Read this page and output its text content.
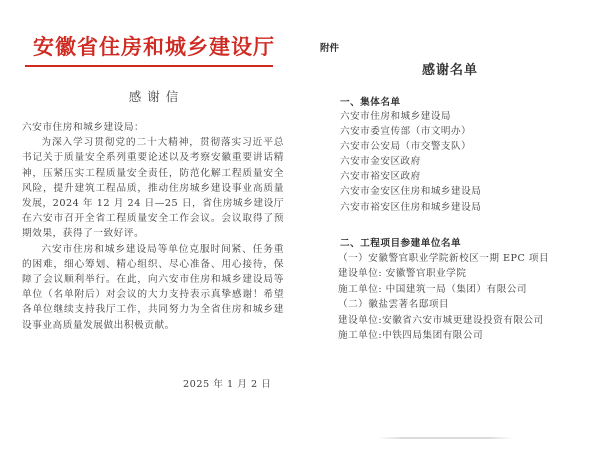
安徽省住房和城乡建设厅
感 谢 信

六安市住房和城乡建设局：

为深入学习贯彻党的二十大精神，贯彻落实习近平总书记关于质量安全系列重要论述以及考察安徽重要讲话精神，压紧压实工程质量安全责任，防范化解工程质量安全风险，提升建筑工程品质，推动住房城乡建设事业高质量发展，2024 年 12 月 24 日—25 日，省住房城乡建设厅在六安市召开全省工程质量安全工作会议。会议取得了预期效果，获得了一致好评。

六安市住房和城乡建设局等单位克服时间紧、任务重的困难，细心筹划、精心组织、尽心准备、用心接待，保障了会议顺利举行。在此，向六安市住房和城乡建设局等单位（名单附后）对会议的大力支持表示真挚感谢！希望各单位继续支持我厅工作，共同努力为全省住房和城乡建设事业高质量发展做出积极贡献。

2025 年 1 月 2 日
附件
感谢名单
一、集体名单
六安市住房和城乡建设局
六安市委宣传部（市文明办）
六安市公安局（市交警支队）
六安市金安区政府
六安市裕安区政府
六安市金安区住房和城乡建设局
六安市裕安区住房和城乡建设局
二、工程项目参建单位名单
（一）安徽警官职业学院新校区一期 EPC 项目
建设单位: 安徽警官职业学院
施工单位: 中国建筑一局（集团）有限公司
（二）徽盐雲著名邸项目
建设单位:安徽省六安市城更建设投资有限公司
施工单位:中铁四局集团有限公司
